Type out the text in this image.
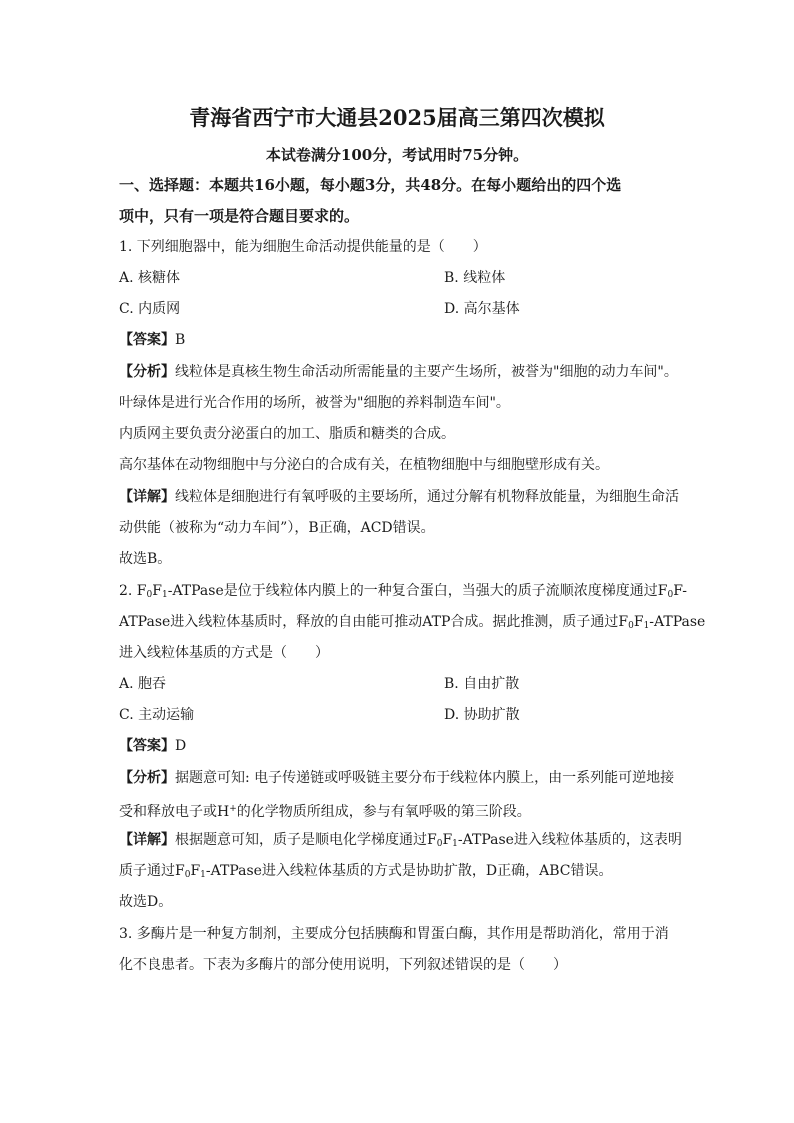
青海省西宁市大通县2025届高三第四次模拟
本试卷满分100分，考试用时75分钟。
一、选择题：本题共16小题，每小题3分，共48分。在每小题给出的四个选
项中，只有一项是符合题目要求的。
1. 下列细胞器中，能为细胞生命活动提供能量的是（　　）
A. 核糖体	B. 线粒体
C. 内质网	D. 高尔基体
【答案】B
【分析】线粒体是真核生物生命活动所需能量的主要产生场所，被誉为"细胞的动力车间"。
叶绿体是进行光合作用的场所，被誉为"细胞的养料制造车间"。
内质网主要负责分泌蛋白的加工、脂质和糖类的合成。
高尔基体在动物细胞中与分泌白的合成有关，在植物细胞中与细胞壁形成有关。
【详解】线粒体是细胞进行有氧呼吸的主要场所，通过分解有机物释放能量，为细胞生命活
动供能（被称为“动力车间”），B正确，ACD错误。
故选B。
2. $F_0F_1$-ATPase是位于线粒体内膜上的一种复合蛋白，当强大的质子流顺浓度梯度通过$F_0F-$
ATPase进入线粒体基质时，释放的自由能可推动ATP合成。据此推测，质子通过$F_0F_1$-ATPase
进入线粒体基质的方式是（　　）
A. 胞吞	B. 自由扩散
C. 主动运输	D. 协助扩散
【答案】D
【分析】据题意可知: 电子传递链或呼吸链主要分布于线粒体内膜上，由一系列能可逆地接
受和释放电子或H+的化学物质所组成，参与有氧呼吸的第三阶段。
【详解】根据题意可知，质子是顺电化学梯度通过$F_0F_1$-ATPase进入线粒体基质的，这表明
质子通过$F_0F_1$-ATPase进入线粒体基质的方式是协助扩散，D正确，ABC错误。
故选D。
3. 多酶片是一种复方制剂，主要成分包括胰酶和胃蛋白酶，其作用是帮助消化，常用于消
化不良患者。下表为多酶片的部分使用说明，下列叙述错误的是（　　）
